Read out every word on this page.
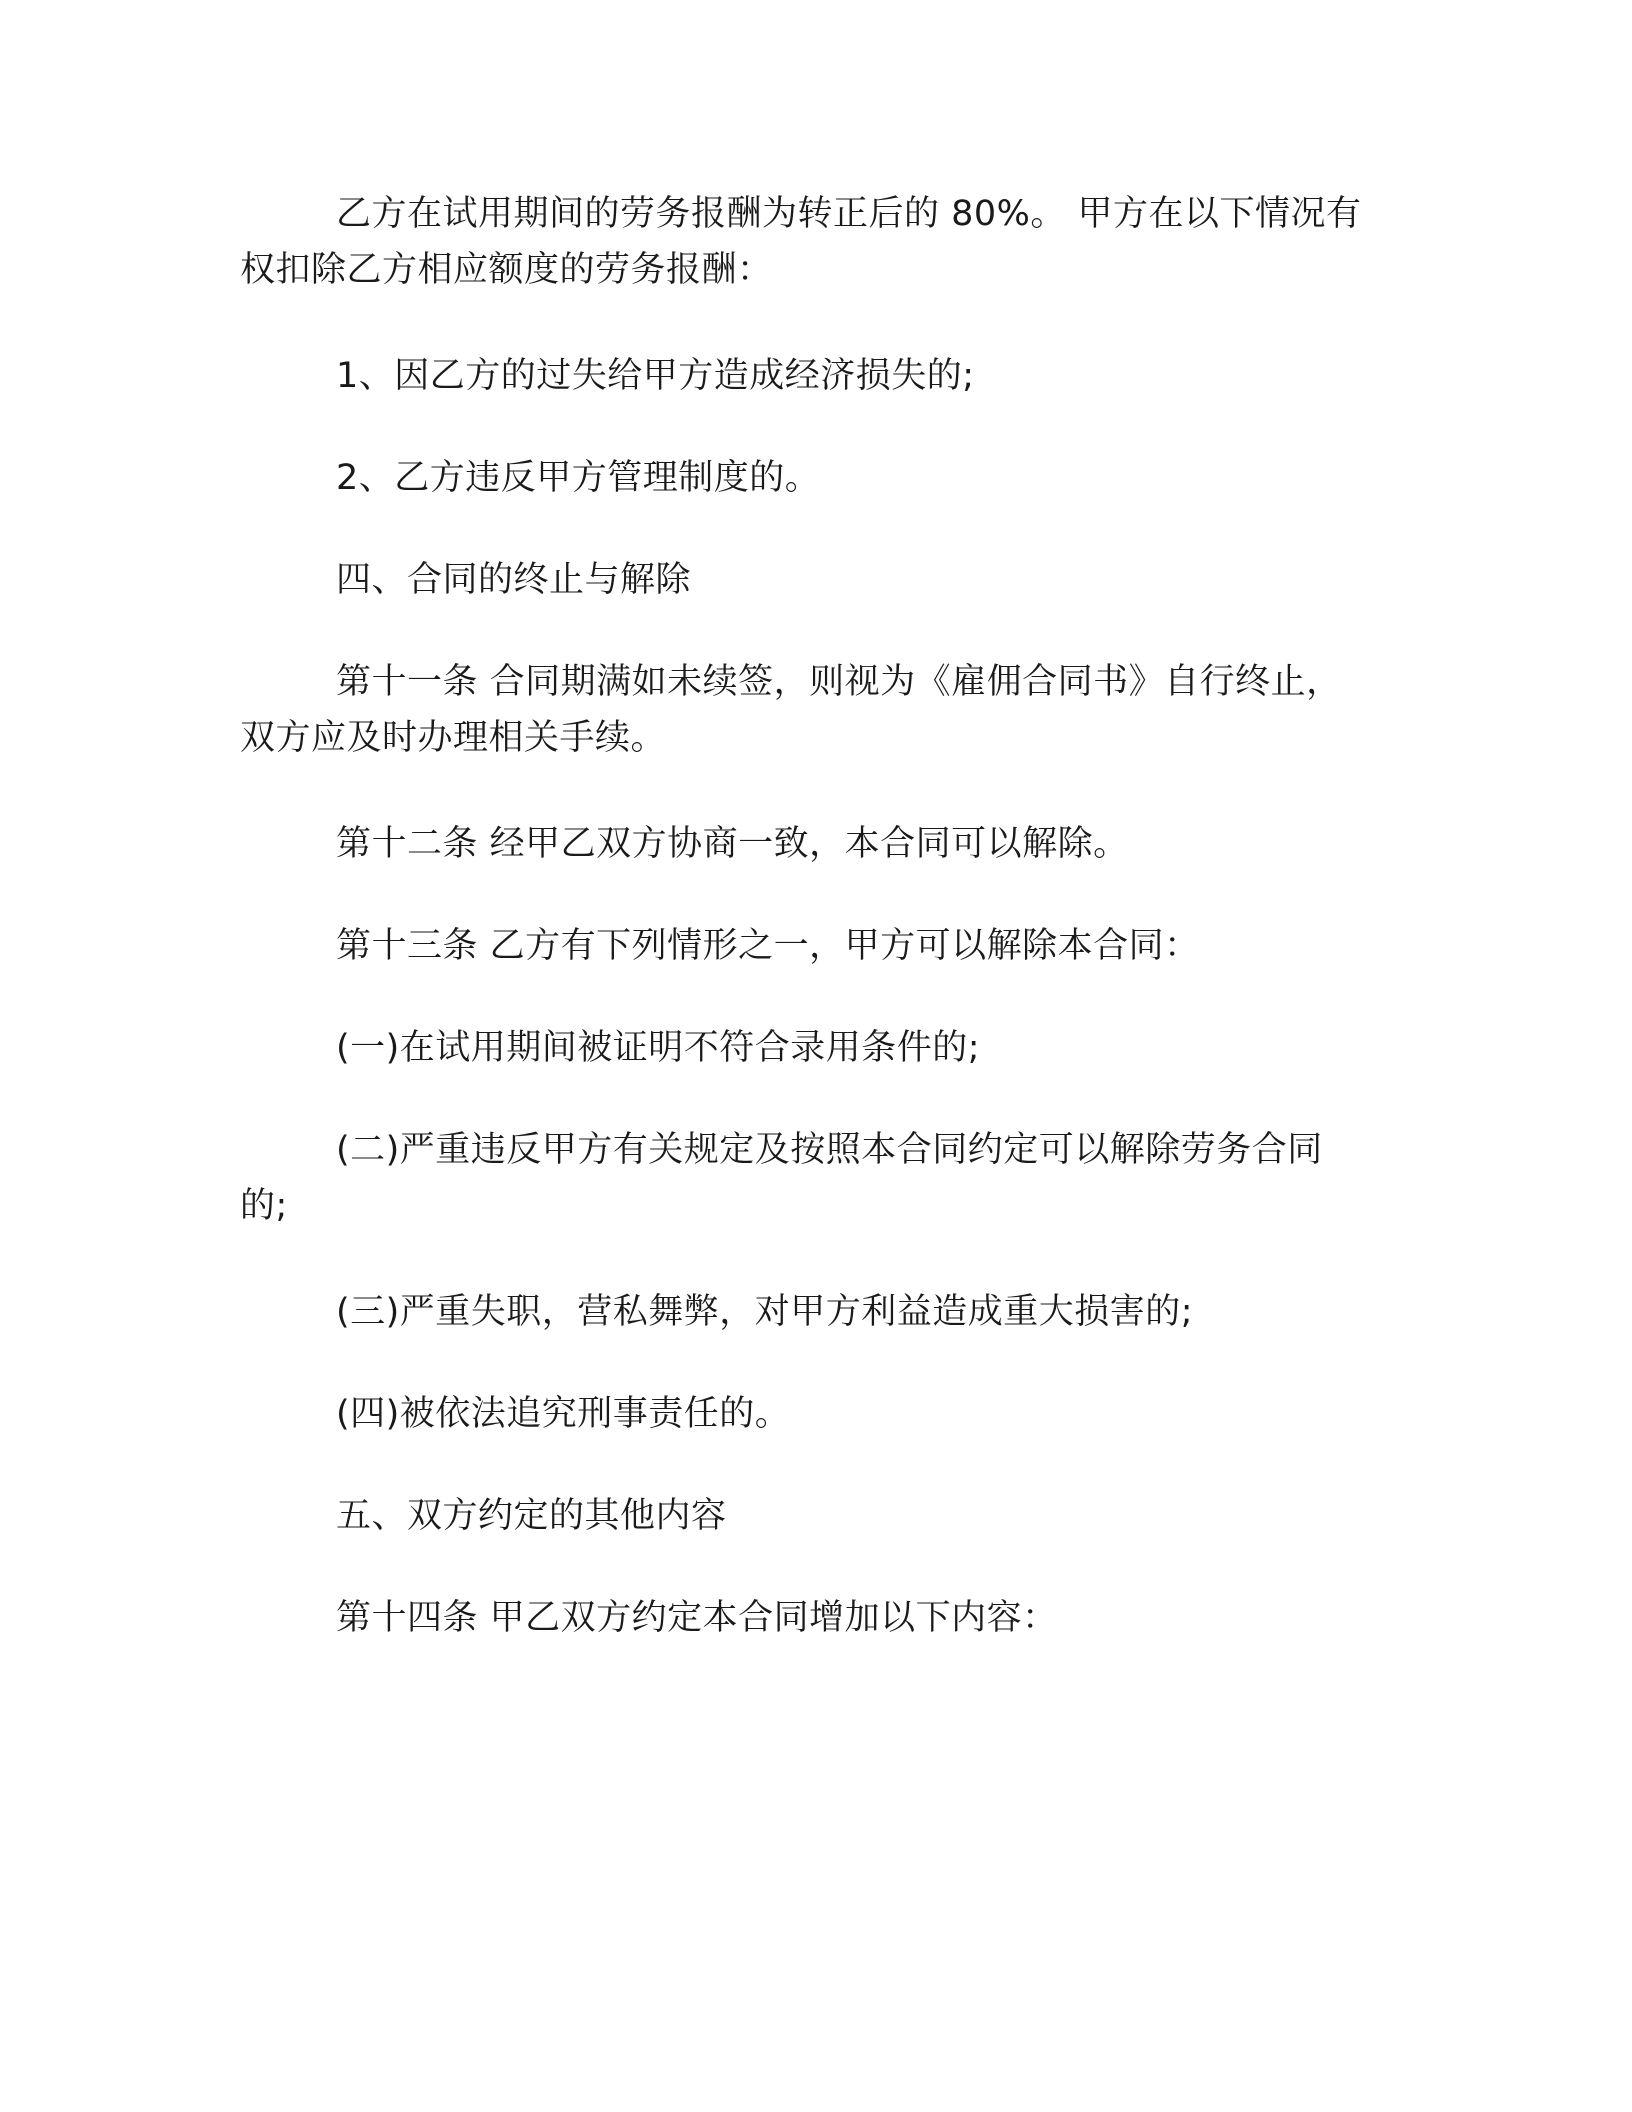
乙方在试用期间的劳务报酬为转正后的 80%。 甲方在以下情况有权扣除乙方相应额度的劳务报酬：

1、因乙方的过失给甲方造成经济损失的;

2、乙方违反甲方管理制度的。

四、合同的终止与解除

第十一条 合同期满如未续签，则视为《雇佣合同书》自行终止，双方应及时办理相关手续。

第十二条 经甲乙双方协商一致，本合同可以解除。

第十三条 乙方有下列情形之一，甲方可以解除本合同：

(一)在试用期间被证明不符合录用条件的;

(二)严重违反甲方有关规定及按照本合同约定可以解除劳务合同的;

(三)严重失职，营私舞弊，对甲方利益造成重大损害的;

(四)被依法追究刑事责任的。

五、双方约定的其他内容

第十四条 甲乙双方约定本合同增加以下内容：
